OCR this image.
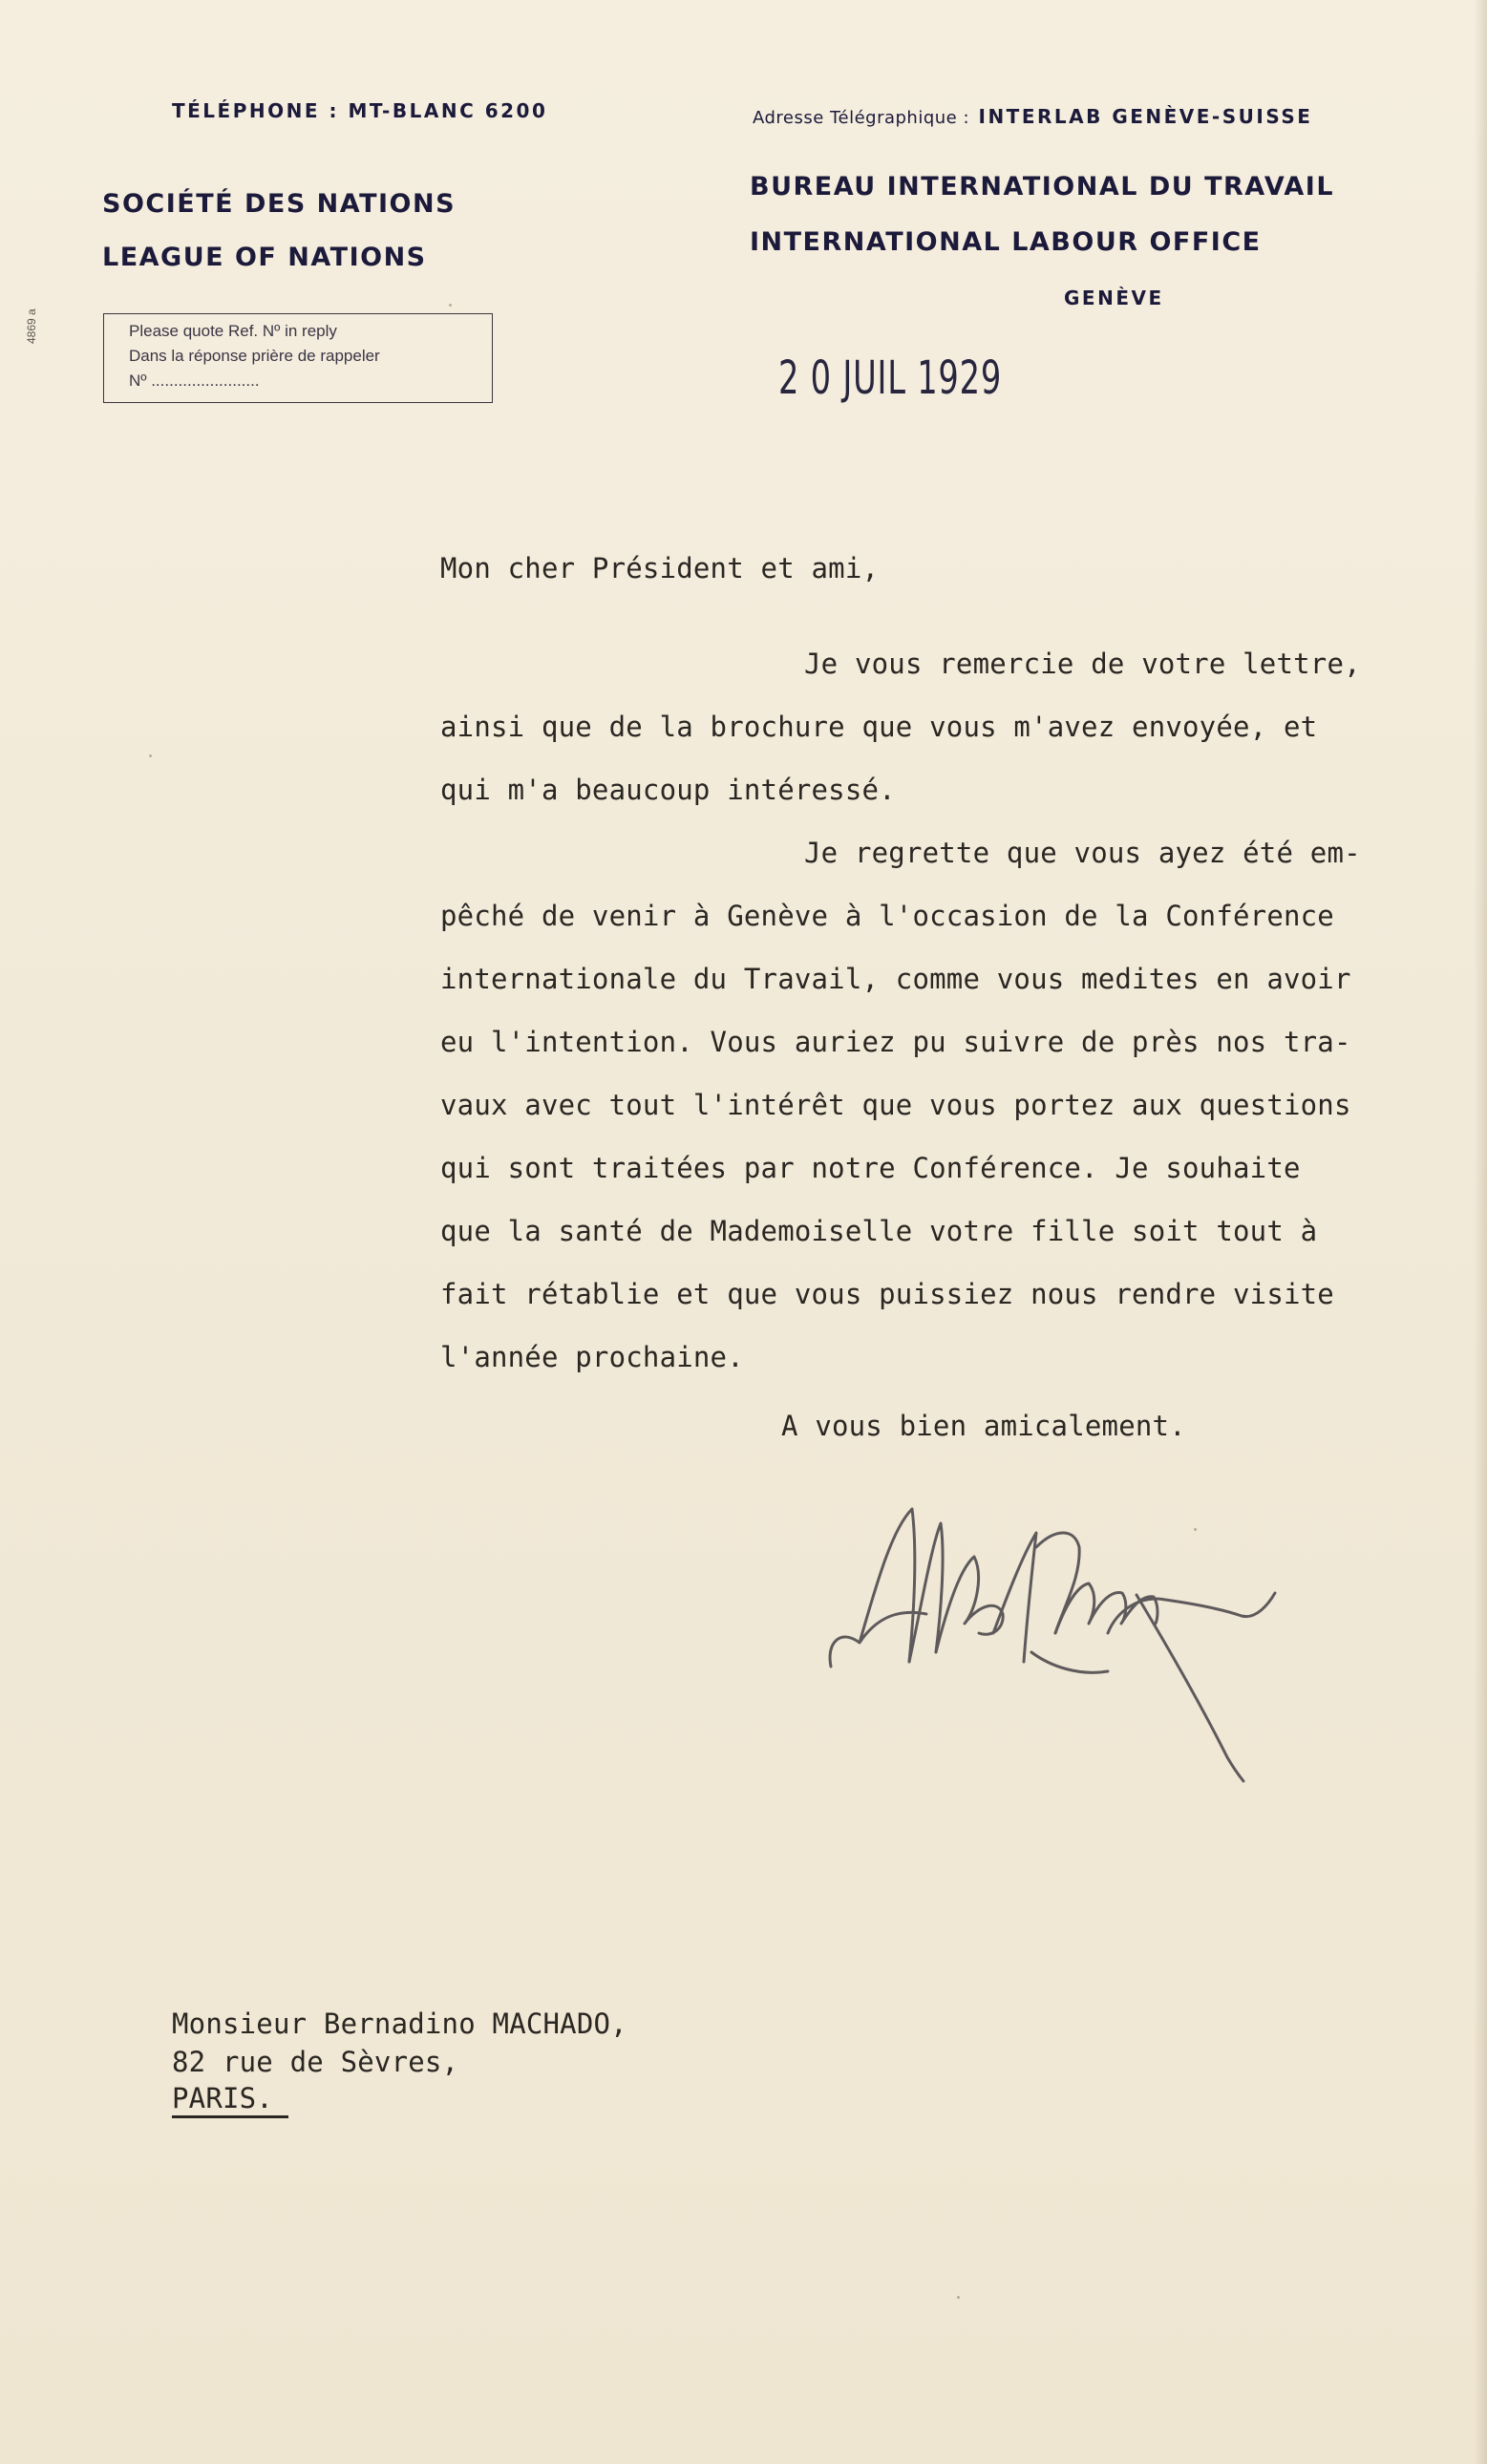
TÉLÉPHONE : MT-BLANC 6200
SOCIÉTÉ DES NATIONS
LEAGUE OF NATIONS
Adresse Télégraphique : INTERLAB GENÈVE-SUISSE
BUREAU INTERNATIONAL DU TRAVAIL
INTERNATIONAL LABOUR OFFICE
GENÈVE
4869 a	Please quote Ref. Nº in reply
Dans la réponse prière de rappeler
Nº ........................	2 0 JUIL 1929
Mon cher Président et ami,
Je vous remercie de votre lettre,
ainsi que de la brochure que vous m'avez envoyée, et
qui m'a beaucoup intéressé.
Je regrette que vous ayez été em-
pêché de venir à Genève à l'occasion de la Conférence
internationale du Travail, comme vous medites en avoir
eu l'intention. Vous auriez pu suivre de près nos tra-
vaux avec tout l'intérêt que vous portez aux questions
qui sont traitées par notre Conférence. Je souhaite
que la santé de Mademoiselle votre fille soit tout à
fait rétablie et que vous puissiez nous rendre visite
l'année prochaine.
A vous bien amicalement.
Monsieur Bernadino MACHADO,
82 rue de Sèvres,
PARIS.
